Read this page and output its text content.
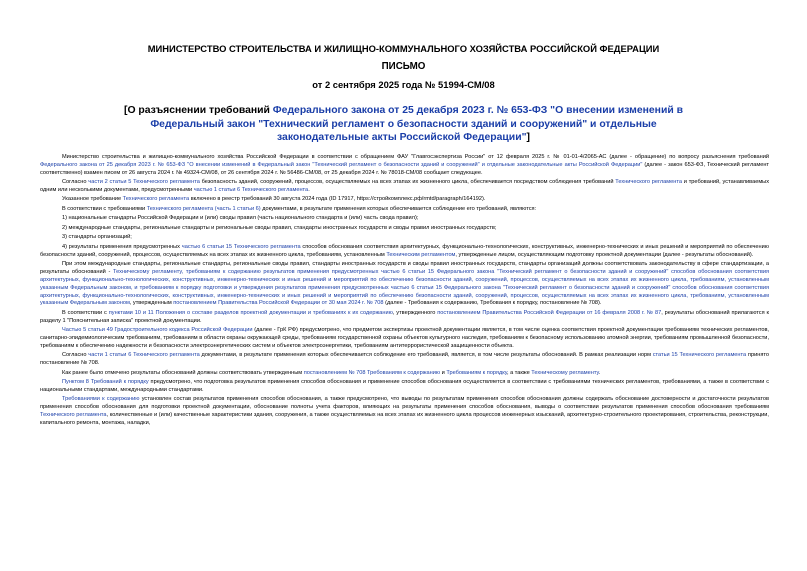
МИНИСТЕРСТВО СТРОИТЕЛЬСТВА И ЖИЛИЩНО-КОММУНАЛЬНОГО ХОЗЯЙСТВА РОССИЙСКОЙ ФЕДЕРАЦИИ
ПИСЬМО
от 2 сентября 2025 года № 51994-СМ/08
[О разъяснении требований Федерального закона от 25 декабря 2023 г. № 653-ФЗ "О внесении изменений в Федеральный закон "Технический регламент о безопасности зданий и сооружений" и отдельные законодательные акты Российской Федерации"]

Министерство строительства и жилищно-коммунального хозяйства Российской Федерации в соответствии с обращением ФАУ "Главгосэкспертиза России" от 12 февраля 2025 г. № 01-01-4/2065-АС (далее - обращение) по вопросу разъяснения требований Федерального закона от 25 декабря 2023 г. № 653-ФЗ "О внесении изменений в Федеральный закон "Технический регламент о безопасности зданий и сооружений" и отдельные законодательные акты Российской Федерации" (далее - закон 653-ФЗ, Технический регламент соответственно) взамен писем от 26 августа 2024 г. № 49324-СМ/08, от 26 сентября 2024 г. № 56486-СМ/08, от 25 декабря 2024 г. № 78018-СМ/08 сообщает следующее.

Согласно части 2 статьи 5 Технического регламента безопасность зданий, сооружений, процессов, осуществляемых на всех этапах их жизненного цикла, обеспечивается посредством соблюдения требований Технического регламента и требований, устанавливаемых одним или несколькими документами, предусмотренными частью 1 статьи 6 Технического регламента.

Указанное требование Технического регламента включено в реестр требований 30 августа 2024 года (ID 17917, https://стройкомплекс.рф/rmtd/paragraph/164192).

В соответствии с требованиями Технического регламента (часть 1 статьи 6) документами, в результате применения которых обеспечивается соблюдение его требований, являются:

1) национальные стандарты Российской Федерации и (или) своды правил (часть национального стандарта и (или) часть свода правил);

2) международные стандарты, региональные стандарты и региональные своды правил, стандарты иностранных государств и своды правил иностранных государств;

3) стандарты организаций;

4) результаты применения предусмотренных частью 6 статьи 15 Технического регламента способов обоснования соответствия архитектурных, функционально-технологических, конструктивных, инженерно-технических и иных решений и мероприятий по обеспечению безопасности зданий, сооружений, процессов, осуществляемых на всех этапах их жизненного цикла, требованиям, установленным Техническим регламентом, утвержденные лицом, осуществляющим подготовку проектной документации (далее - результаты обоснований).

При этом международные стандарты, региональные стандарты, региональные своды правил, стандарты иностранных государств и своды правил иностранных государств, стандарты организаций должны соответствовать законодательству в сфере стандартизации, а результаты обоснований - Техническому регламенту, требованиям к содержанию результатов применения предусмотренных частью 6 статьи 15 Федерального закона "Технический регламент о безопасности зданий и сооружений" способов обоснования соответствия архитектурных, функционально-технологических, конструктивных, инженерно-технических и иных решений и мероприятий по обеспечению безопасности зданий, сооружений, процессов, осуществляемых на всех этапах их жизненного цикла, требованиям, установленным указанным Федеральным законом, и требованиям к порядку подготовки и утверждения результатов применения предусмотренных частью 6 статьи 15 Федерального закона "Технический регламент о безопасности зданий и сооружений" способов обоснования соответствия архитектурных, функционально-технологических, конструктивных, инженерно-технических и иных решений и мероприятий по обеспечению безопасности зданий, сооружений, процессов, осуществляемых на всех этапах их жизненного цикла, требованиям, установленным указанным Федеральным законом, утвержденным постановлением Правительства Российской Федерации от 30 мая 2024 г. № 708 (далее - Требования к содержанию, Требования к порядку, постановление № 708).

В соответствии с пунктами 10 и 11 Положения о составе разделов проектной документации и требованиях к их содержанию, утвержденного постановлением Правительства Российской Федерации от 16 февраля 2008 г. № 87, результаты обоснований прилагаются к разделу 1 "Пояснительная записка" проектной документации.

Частью 5 статьи 49 Градостроительного кодекса Российской Федерации (далее - ГрК РФ) предусмотрено, что предметом экспертизы проектной документации является, в том числе оценка соответствия проектной документации требованиям технических регламентов, санитарно-эпидемиологическим требованиям, требованиям в области охраны окружающей среды, требованиям государственной охраны объектов культурного наследия, требованиям к безопасному использованию атомной энергии, требованиям промышленной безопасности, требованиям к обеспечению надежности и безопасности электроэнергетических систем и объектов электроэнергетики, требованиям антитеррористической защищенности объекта.

Согласно части 1 статьи 6 Технического регламента документами, в результате применения которых обеспечивается соблюдение его требований, является, в том числе результаты обоснований. В рамках реализации норм статьи 15 Технического регламента принято постановление № 708.

Как ранее было отмечено результаты обоснований должны соответствовать утвержденным постановлением № 708 Требованиям к содержанию и Требованиям к порядку, а также Техническому регламенту.

Пунктом 8 Требований к порядку предусмотрено, что подготовка результатов применения способов обоснования и применение способов обоснования осуществляется в соответствии с требованиями технических регламентов, требованиями, а также в соответствии с национальными стандартами, международными стандартами.

Требованиями к содержанию установлен состав результатов применения способов обоснования, а также предусмотрено, что выводы по результатам применения способов обоснования должны содержать обоснование достоверности и достаточности результатов применения способов обоснования для подготовки проектной документации, обоснование полноты учета факторов, влияющих на результаты применения способов обоснования, выводы о соответствии результатов применения способов обоснования требованиям Технического регламента, количественные и (или) качественные характеристики здания, сооружения, а также осуществляемых на всех этапах их жизненного цикла процессов инженерных изысканий, архитектурно-строительного проектирования, строительства, реконструкции, капитального ремонта, монтажа, наладки,
